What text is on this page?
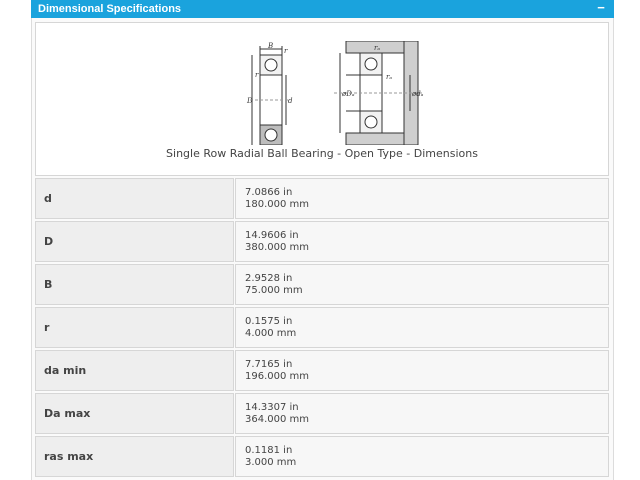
Dimensional Specifications	−
B
r
r
D	d
rₐ
rₐ
øDₐ	ødₐ
Single Row Radial Ball Bearing - Open Type - Dimensions
d	7.0866 in
180.000 mm
D	14.9606 in
380.000 mm
B	2.9528 in
75.000 mm
r	0.1575 in
4.000 mm
da min	7.7165 in
196.000 mm
Da max	14.3307 in
364.000 mm
ras max	0.1181 in
3.000 mm
